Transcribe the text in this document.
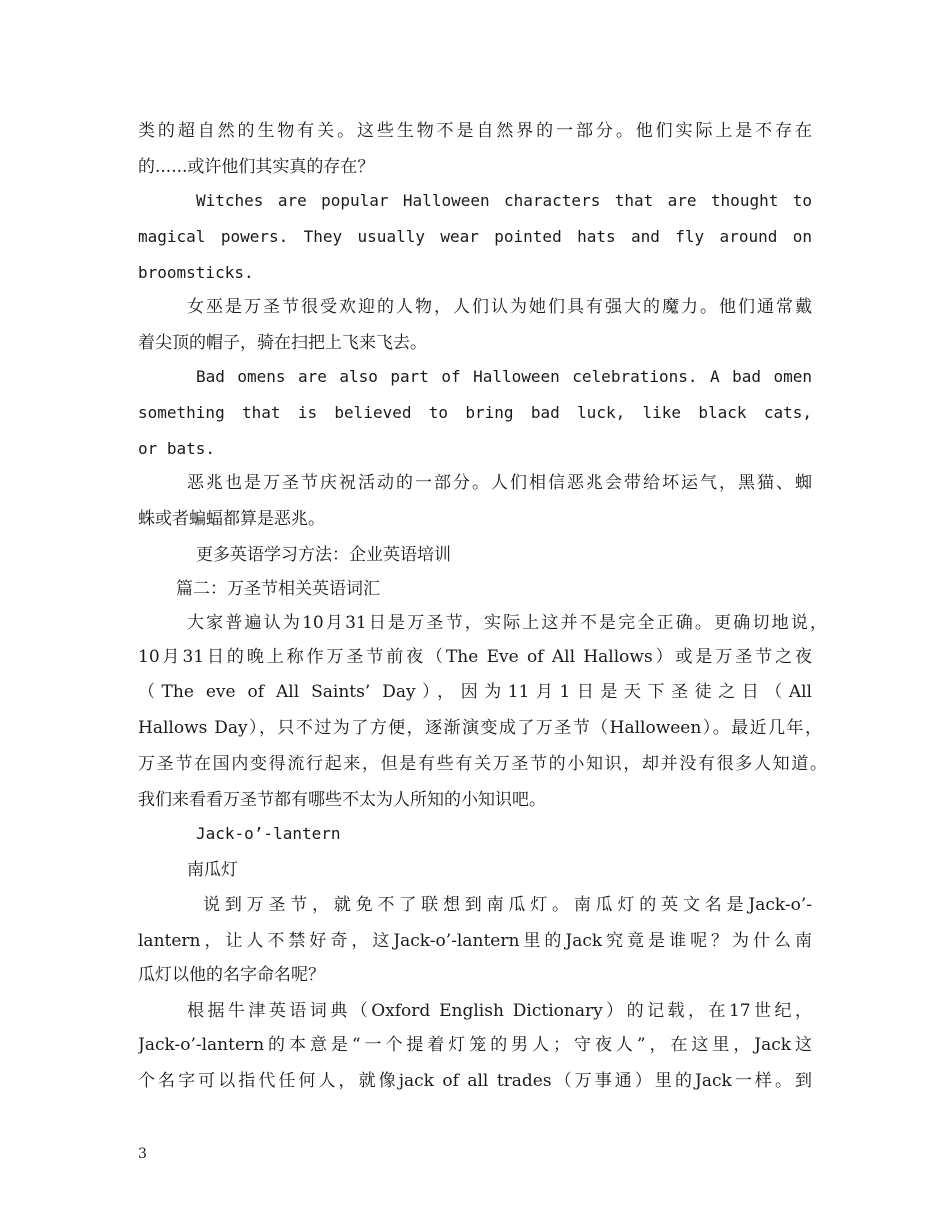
类的超自然的生物有关。这些生物不是自然界的一部分。他们实际上是不存在
的......或许他们其实真的存在？
Witches are popular Halloween characters that are thought to
magical powers. They usually wear pointed hats and fly around on
broomsticks.
女巫是万圣节很受欢迎的人物，人们认为她们具有强大的魔力。他们通常戴
着尖顶的帽子，骑在扫把上飞来飞去。
Bad omens are also part of Halloween celebrations. A bad omen
something that is believed to bring bad luck, like black cats,
or bats.
恶兆也是万圣节庆祝活动的一部分。人们相信恶兆会带给坏运气，黑猫、蜘
蛛或者蝙蝠都算是恶兆。
更多英语学习方法：企业英语培训
篇二：万圣节相关英语词汇
大家普遍认为10月31日是万圣节，实际上这并不是完全正确。更确切地说，
10月31日的晚上称作万圣节前夜（The Eve of All Hallows）或是万圣节之夜
（The eve of All Saints’ Day），因为11月1日是天下圣徒之日（All
Hallows Day），只不过为了方便，逐渐演变成了万圣节（Halloween）。最近几年，
万圣节在国内变得流行起来，但是有些有关万圣节的小知识，却并没有很多人知道。
我们来看看万圣节都有哪些不太为人所知的小知识吧。
Jack-o’-lantern
南瓜灯
说到万圣节，就免不了联想到南瓜灯。南瓜灯的英文名是Jack-o’-
lantern，让人不禁好奇，这Jack-o’-lantern里的Jack究竟是谁呢？为什么南
瓜灯以他的名字命名呢？
根据牛津英语词典（Oxford English Dictionary）的记载，在17世纪，
Jack-o’-lantern的本意是“一个提着灯笼的男人；守夜人”，在这里，Jack这
个名字可以指代任何人，就像jack of all trades（万事通）里的Jack一样。到
3
